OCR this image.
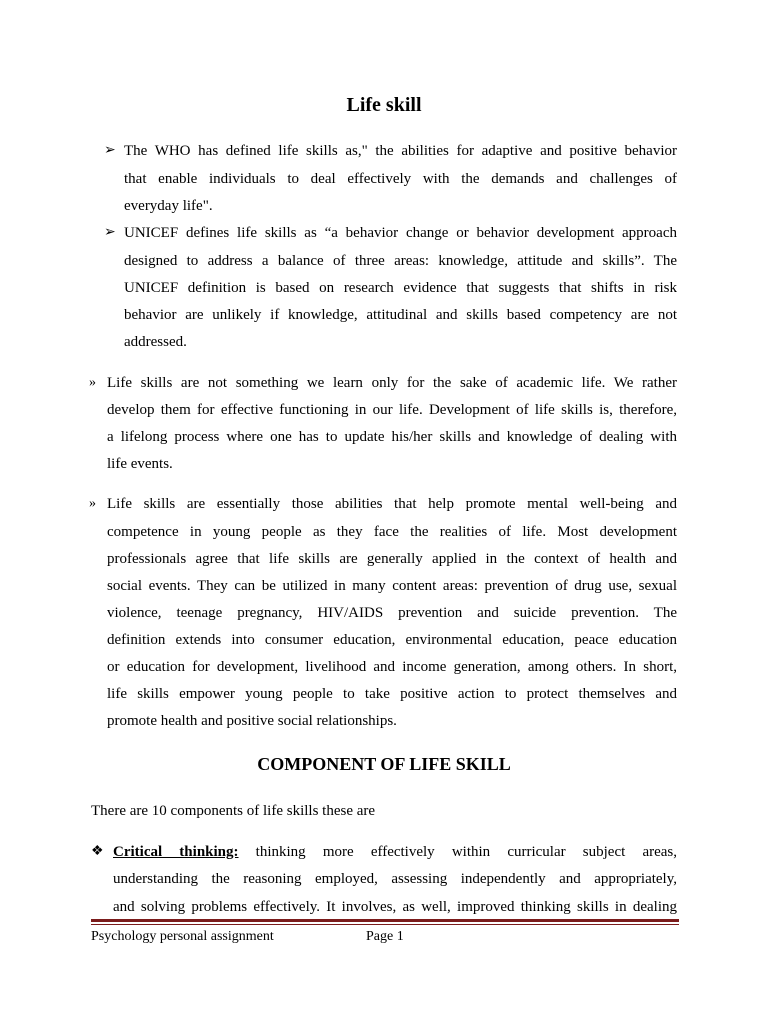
Life skill
➢ The WHO has defined life skills as," the abilities for adaptive and positive behavior

that enable individuals to deal effectively with the demands and challenges of

everyday life".

➢ UNICEF defines life skills as “a behavior change or behavior development approach

designed to address a balance of three areas: knowledge, attitude and skills”. The

UNICEF definition is based on research evidence that suggests that shifts in risk

behavior are unlikely if knowledge, attitudinal and skills based competency are not

addressed.

» Life skills are not something we learn only for the sake of academic life. We rather

develop them for effective functioning in our life. Development of life skills is, therefore,

a lifelong process where one has to update his/her skills and knowledge of dealing with

life events.

» Life skills are essentially those abilities that help promote mental well-being and

competence in young people as they face the realities of life. Most development

professionals agree that life skills are generally applied in the context of health and

social events. They can be utilized in many content areas: prevention of drug use, sexual

violence, teenage pregnancy, HIV/AIDS prevention and suicide prevention. The

definition extends into consumer education, environmental education, peace education

or education for development, livelihood and income generation, among others. In short,

life skills empower young people to take positive action to protect themselves and

promote health and positive social relationships.

COMPONENT OF LIFE SKILL

There are 10 components of life skills these are

❖ Critical thinking: thinking more effectively within curricular subject areas,

understanding the reasoning employed, assessing independently and appropriately,

and solving problems effectively. It involves, as well, improved thinking skills in dealing

Psychology personal assignment	Page 1
